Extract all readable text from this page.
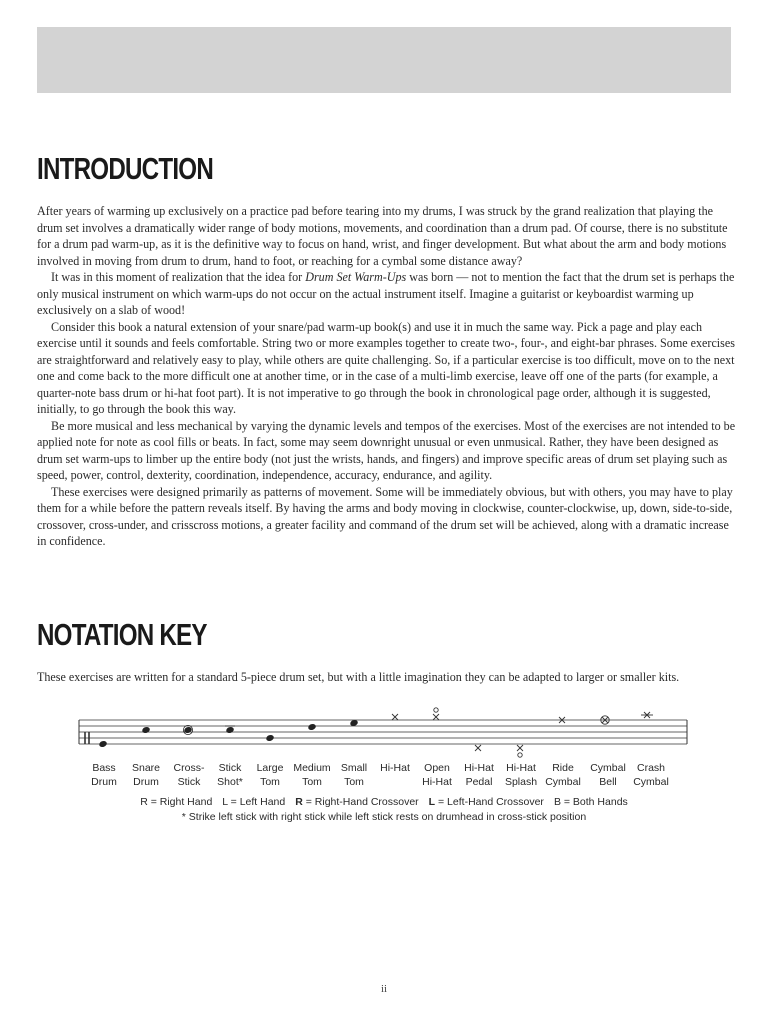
INTRODUCTION

After years of warming up exclusively on a practice pad before tearing into my drums, I was struck by the grand realization that playing the drum set involves a dramatically wider range of body motions, movements, and coordination than a drum pad. Of course, there is no substitute for a drum pad warm-up, as it is the definitive way to focus on hand, wrist, and finger development. But what about the arm and body motions involved in moving from drum to drum, hand to foot, or reaching for a cymbal some distance away?

It was in this moment of realization that the idea for Drum Set Warm-Ups was born — not to mention the fact that the drum set is perhaps the only musical instrument on which warm-ups do not occur on the actual instrument itself. Imagine a guitarist or keyboardist warming up exclusively on a slab of wood!

Consider this book a natural extension of your snare/pad warm-up book(s) and use it in much the same way. Pick a page and play each exercise until it sounds and feels comfortable. String two or more examples together to create two-, four-, and eight-bar phrases. Some exercises are straightforward and relatively easy to play, while others are quite challenging. So, if a particular exercise is too difficult, move on to the next one and come back to the more difficult one at another time, or in the case of a multi-limb exercise, leave off one of the parts (for example, a quarter-note bass drum or hi-hat foot part). It is not imperative to go through the book in chronological page order, although it is suggested, initially, to go through the book this way.

Be more musical and less mechanical by varying the dynamic levels and tempos of the exercises. Most of the exercises are not intended to be applied note for note as cool fills or beats. In fact, some may seem downright unusual or even unmusical. Rather, they have been designed as drum set warm-ups to limber up the entire body (not just the wrists, hands, and fingers) and improve specific areas of drum set playing such as speed, power, control, dexterity, coordination, independence, accuracy, endurance, and agility.

These exercises were designed primarily as patterns of movement. Some will be immediately obvious, but with others, you may have to play them for a while before the pattern reveals itself. By having the arms and body moving in clockwise, counter-clockwise, up, down, side-to-side, crossover, cross-under, and crisscross motions, a greater facility and command of the drum set will be achieved, along with a dramatic increase in confidence.

NOTATION KEY

These exercises are written for a standard 5-piece drum set, but with a little imagination they can be adapted to larger or smaller kits.

Bass
Drum
Snare
Drum
Cross-
Stick
Stick
Shot*
Large
Tom
Medium
Tom
Small
Tom
Hi-Hat Open
Hi-Hat
Hi-Hat
Pedal
Hi-Hat
Splash
Ride
Cymbal
Cymbal
Bell
Crash
Cymbal
R = Right Hand L = Left Hand R = Right-Hand Crossover L = Left-Hand Crossover B = Both Hands
* Strike left stick with right stick while left stick rests on drumhead in cross-stick position
ii
